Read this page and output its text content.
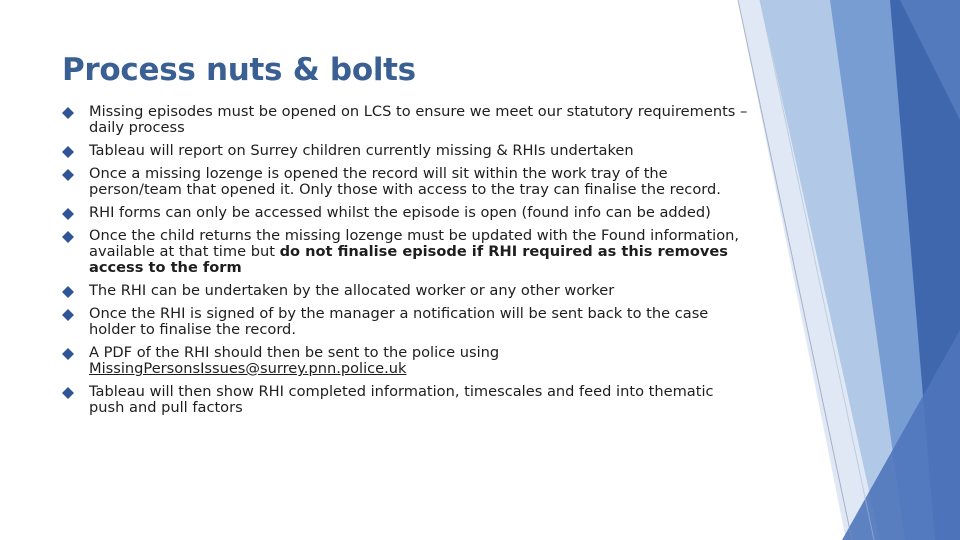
Process nuts & bolts
Missing episodes must be opened on LCS to ensure we meet our statutory requirements – daily process
Tableau will report on Surrey children currently missing & RHIs undertaken
Once a missing lozenge is opened the record will sit within the work tray of the person/team that opened it. Only those with access to the tray can finalise the record.
RHI forms can only be accessed whilst the episode is open (found info can be added)
Once the child returns the missing lozenge must be updated with the Found information, available at that time but do not finalise episode if RHI required as this removes access to the form
The RHI can be undertaken by the allocated worker or any other worker
Once the RHI is signed of by the manager a notification will be sent back to the case holder to finalise the record.
A PDF of the RHI should then be sent to the police using MissingPersonsIssues@surrey.pnn.police.uk
Tableau will then show RHI completed information, timescales and feed into thematic push and pull factors
